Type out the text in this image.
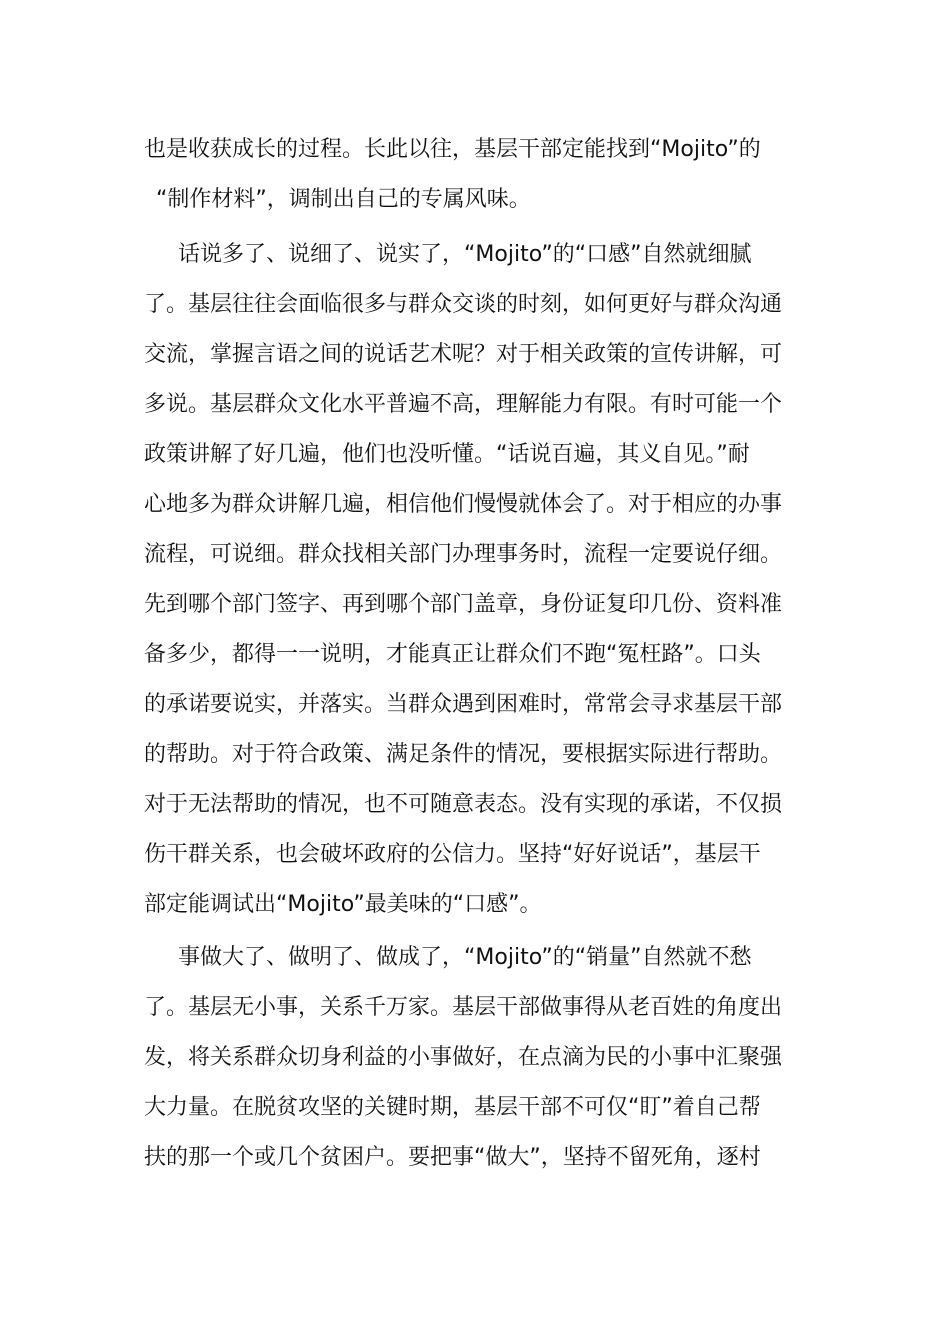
也是收获成长的过程。长此以往，基层干部定能找到“Mojito”的
“制作材料”，调制出自己的专属风味。
话说多了、说细了、说实了，“Mojito”的“口感”自然就细腻
了。基层往往会面临很多与群众交谈的时刻，如何更好与群众沟通
交流，掌握言语之间的说话艺术呢？对于相关政策的宣传讲解，可
多说。基层群众文化水平普遍不高，理解能力有限。有时可能一个
政策讲解了好几遍，他们也没听懂。“话说百遍，其义自见。”耐
心地多为群众讲解几遍，相信他们慢慢就体会了。对于相应的办事
流程，可说细。群众找相关部门办理事务时，流程一定要说仔细。
先到哪个部门签字、再到哪个部门盖章，身份证复印几份、资料准
备多少，都得一一说明，才能真正让群众们不跑“冤枉路”。口头
的承诺要说实，并落实。当群众遇到困难时，常常会寻求基层干部
的帮助。对于符合政策、满足条件的情况，要根据实际进行帮助。
对于无法帮助的情况，也不可随意表态。没有实现的承诺，不仅损
伤干群关系，也会破坏政府的公信力。坚持“好好说话”，基层干
部定能调试出“Mojito”最美味的“口感”。
事做大了、做明了、做成了，“Mojito”的“销量”自然就不愁
了。基层无小事，关系千万家。基层干部做事得从老百姓的角度出
发，将关系群众切身利益的小事做好，在点滴为民的小事中汇聚强
大力量。在脱贫攻坚的关键时期，基层干部不可仅“盯”着自己帮
扶的那一个或几个贫困户。要把事“做大”，坚持不留死角，逐村
